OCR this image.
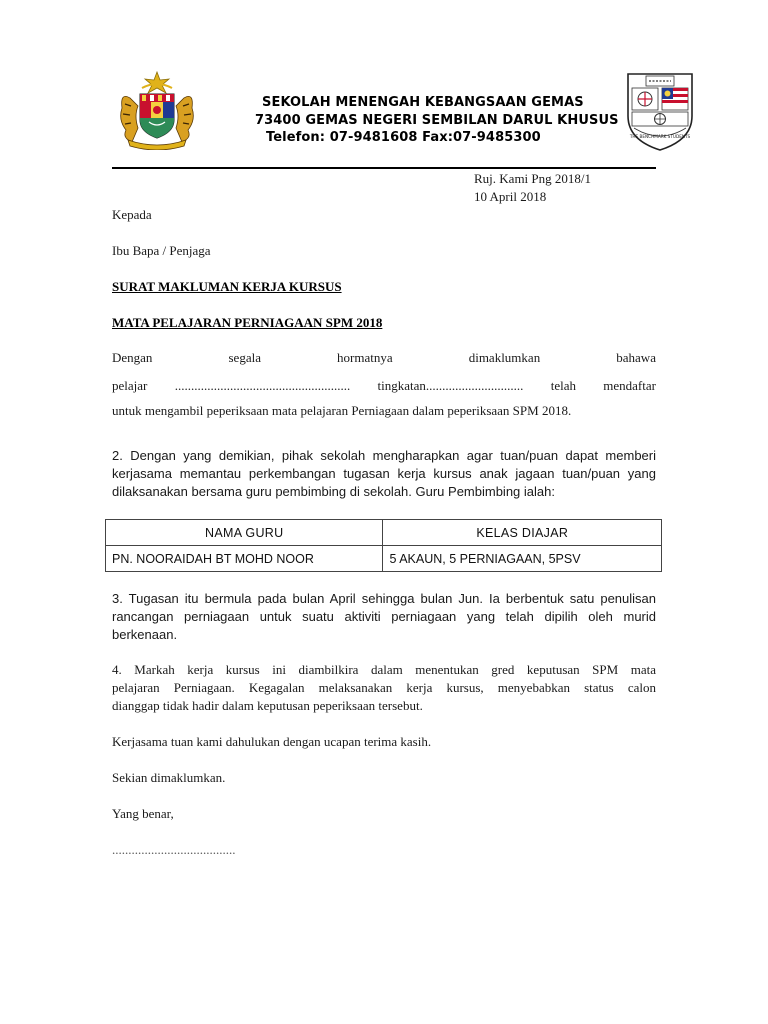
THE BENCHMARK STUDENTS
SEKOLAH MENENGAH KEBANGSAAN GEMAS
73400 GEMAS NEGERI SEMBILAN DARUL KHUSUS
Telefon: 07-9481608 Fax:07-9485300
Ruj. Kami Png 2018/1
10 April 2018
Kepada
Ibu Bapa / Penjaga
SURAT MAKLUMAN KERJA KURSUS
MATA PELAJARAN PERNIAGAAN SPM 2018
Dengan	segala	hormatnya	dimaklumkan	bahawa
pelajar ...................................................... tingkatan.............................. telah mendaftar
untuk mengambil peperiksaan mata pelajaran Perniagaan dalam peperiksaan SPM 2018.
2. Dengan yang demikian, pihak sekolah mengharapkan agar tuan/puan dapat memberi
kerjasama memantau perkembangan tugasan kerja kursus anak jagaan tuan/puan yang
dilaksanakan bersama guru pembimbing di sekolah. Guru Pembimbing ialah:
NAMA GURU	KELAS DIAJAR
PN. NOORAIDAH BT MOHD NOOR	5 AKAUN, 5 PERNIAGAAN, 5PSV
3. Tugasan itu bermula pada bulan April sehingga bulan Jun. Ia berbentuk satu penulisan
rancangan perniagaan untuk suatu aktiviti perniagaan yang telah dipilih oleh murid
berkenaan.
4. Markah kerja kursus ini diambilkira dalam menentukan gred keputusan SPM mata
pelajaran Perniagaan. Kegagalan melaksanakan kerja kursus, menyebabkan status calon
dianggap tidak hadir dalam keputusan peperiksaan tersebut.
Kerjasama tuan kami dahulukan dengan ucapan terima kasih.
Sekian dimaklumkan.
Yang benar,
......................................
